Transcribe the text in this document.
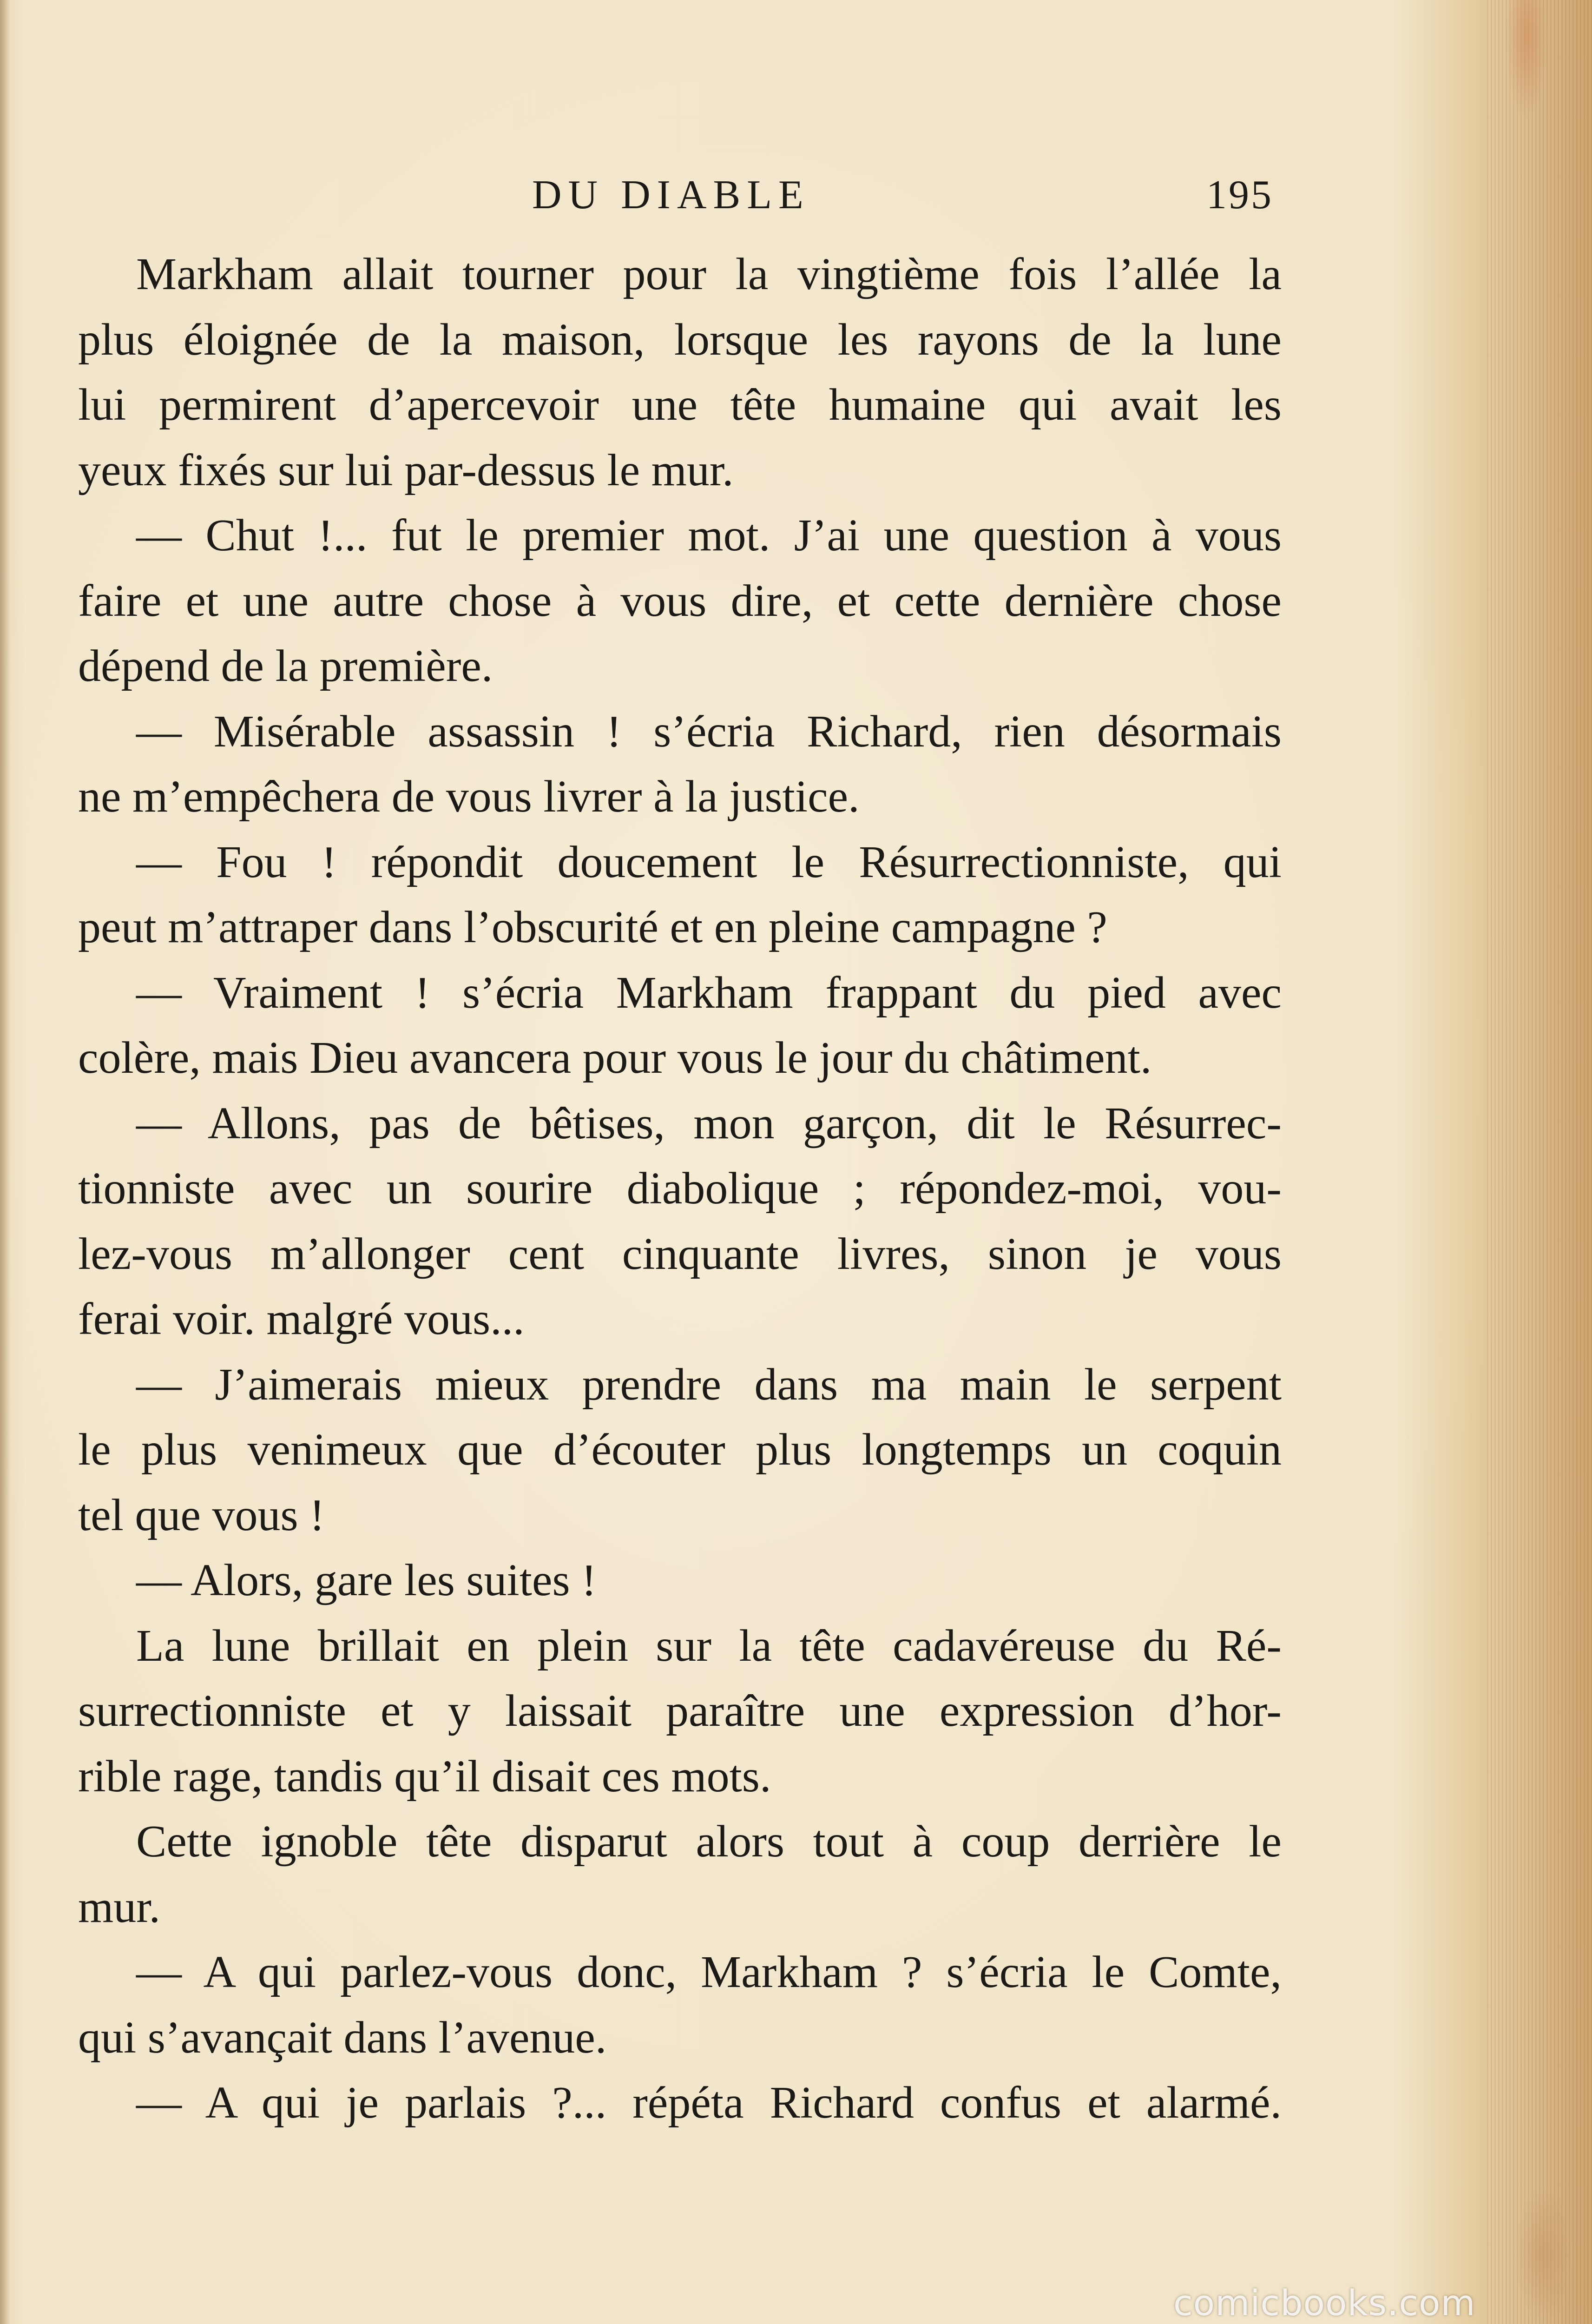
DU DIABLE	195
Markham allait tourner pour la vingtième fois l’allée la
plus éloignée de la maison, lorsque les rayons de la lune
lui permirent d’apercevoir une tête humaine qui avait les
yeux fixés sur lui par-dessus le mur.
— Chut !... fut le premier mot. J’ai une question à vous
faire et une autre chose à vous dire, et cette dernière chose
dépend de la première.
— Misérable assassin ! s’écria Richard, rien désormais
ne m’empêchera de vous livrer à la justice.
— Fou ! répondit doucement le Résurrectionniste, qui
peut m’attraper dans l’obscurité et en pleine campagne ?
— Vraiment ! s’écria Markham frappant du pied avec
colère, mais Dieu avancera pour vous le jour du châtiment.
— Allons, pas de bêtises, mon garçon, dit le Résurrec-
tionniste avec un sourire diabolique ; répondez-moi, vou-
lez-vous m’allonger cent cinquante livres, sinon je vous
ferai voir. malgré vous...
— J’aimerais mieux prendre dans ma main le serpent
le plus venimeux que d’écouter plus longtemps un coquin
tel que vous !
— Alors, gare les suites !
La lune brillait en plein sur la tête cadavéreuse du Ré-
surrectionniste et y laissait paraître une expression d’hor-
rible rage, tandis qu’il disait ces mots.
Cette ignoble tête disparut alors tout à coup derrière le
mur.
— A qui parlez-vous donc, Markham ? s’écria le Comte,
qui s’avançait dans l’avenue.
— A qui je parlais ?... répéta Richard confus et alarmé.
comicbooks.com
